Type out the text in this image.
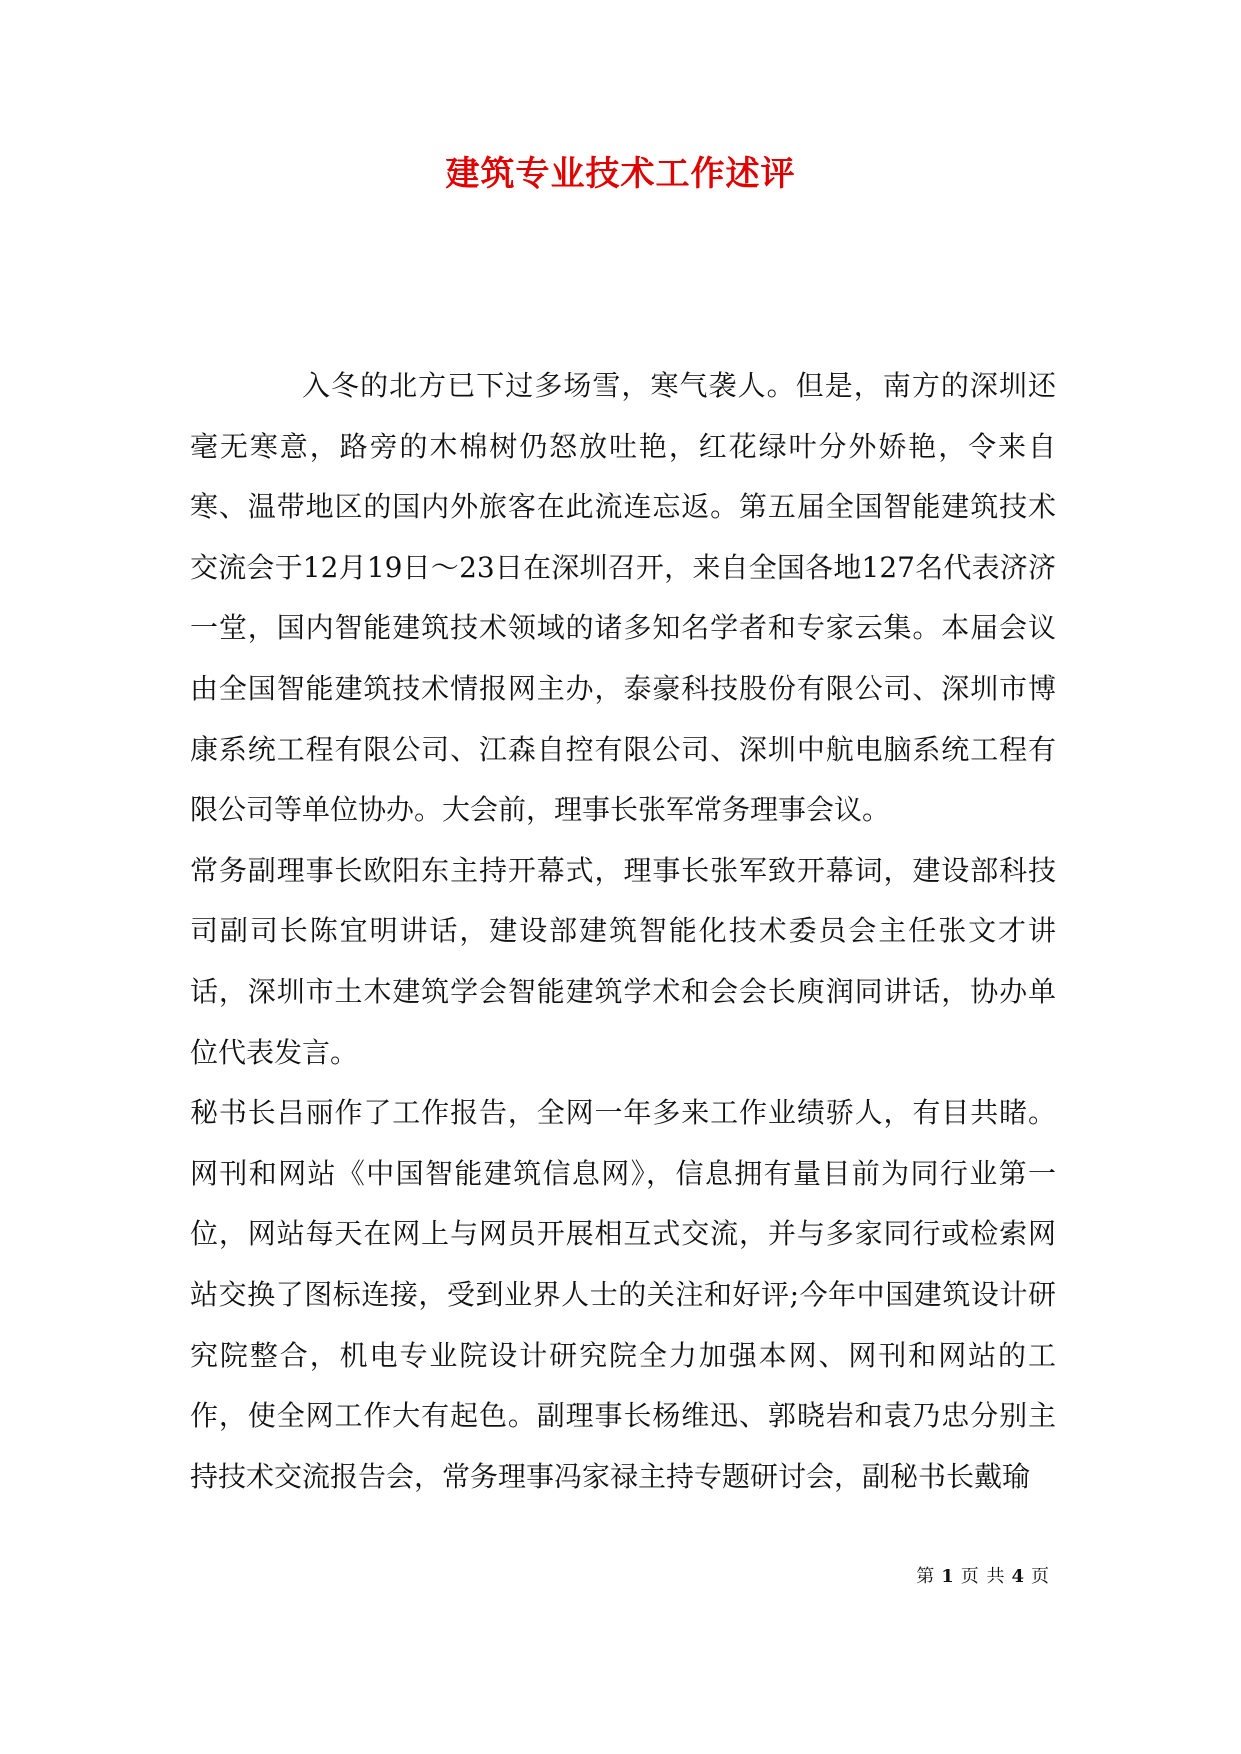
建筑专业技术工作述评

入冬的北方已下过多场雪，寒气袭人。但是，南方的深圳还毫无寒意，路旁的木棉树仍怒放吐艳，红花绿叶分外娇艳，令来自寒、温带地区的国内外旅客在此流连忘返。第五届全国智能建筑技术交流会于12月19日～23日在深圳召开，来自全国各地127名代表济济一堂，国内智能建筑技术领域的诸多知名学者和专家云集。本届会议由全国智能建筑技术情报网主办，泰豪科技股份有限公司、深圳市博康系统工程有限公司、江森自控有限公司、深圳中航电脑系统工程有限公司等单位协办。大会前，理事长张军常务理事会议。

常务副理事长欧阳东主持开幕式，理事长张军致开幕词，建设部科技司副司长陈宜明讲话，建设部建筑智能化技术委员会主任张文才讲话，深圳市土木建筑学会智能建筑学术和会会长庾润同讲话，协办单位代表发言。

秘书长吕丽作了工作报告，全网一年多来工作业绩骄人，有目共睹。网刊和网站《中国智能建筑信息网》，信息拥有量目前为同行业第一位，网站每天在网上与网员开展相互式交流，并与多家同行或检索网站交换了图标连接，受到业界人士的关注和好评;今年中国建筑设计研究院整合，机电专业院设计研究院全力加强本网、网刊和网站的工作，使全网工作大有起色。副理事长杨维迅、郭晓岩和袁乃忠分别主持技术交流报告会，常务理事冯家禄主持专题研讨会，副秘书长戴瑜

第 1 页 共 4 页
